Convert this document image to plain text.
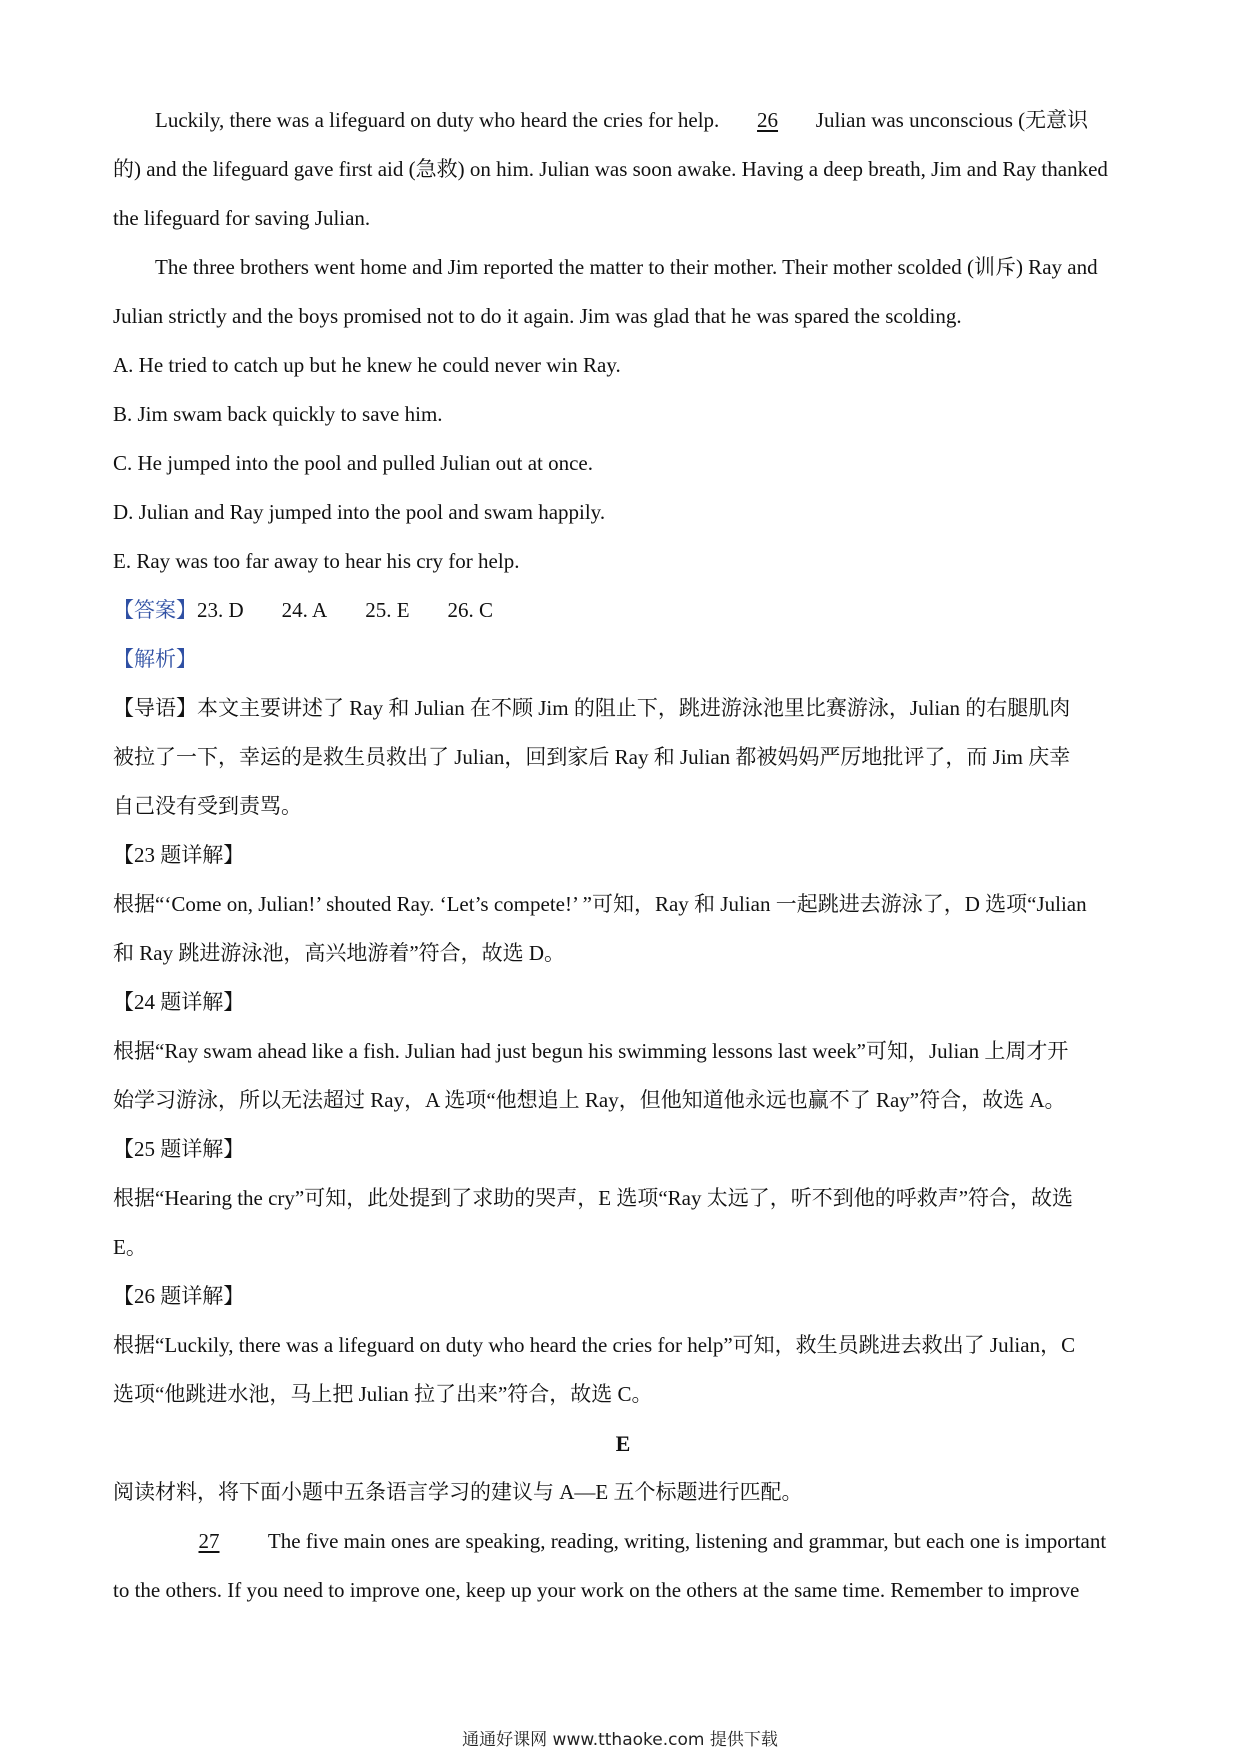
Luckily, there was a lifeguard on duty who heard the cries for help. 26 Julian was unconscious (无意识
的) and the lifeguard gave first aid (急救) on him. Julian was soon awake. Having a deep breath, Jim and Ray thanked
the lifeguard for saving Julian.
The three brothers went home and Jim reported the matter to their mother. Their mother scolded (训斥) Ray and
Julian strictly and the boys promised not to do it again. Jim was glad that he was spared the scolding.
A. He tried to catch up but he knew he could never win Ray.
B. Jim swam back quickly to save him.
C. He jumped into the pool and pulled Julian out at once.
D. Julian and Ray jumped into the pool and swam happily.
E. Ray was too far away to hear his cry for help.
【答案】23. D 24. A 25. E 26. C
【解析】
【导语】本文主要讲述了 Ray 和 Julian 在不顾 Jim 的阻止下，跳进游泳池里比赛游泳，Julian 的右腿肌肉
被拉了一下，幸运的是救生员救出了 Julian，回到家后 Ray 和 Julian 都被妈妈严厉地批评了，而 Jim 庆幸
自己没有受到责骂。
【23 题详解】
根据“‘Come on, Julian!’ shouted Ray. ‘Let’s compete!’ ”可知，Ray 和 Julian 一起跳进去游泳了，D 选项“Julian
和 Ray 跳进游泳池，高兴地游着”符合，故选 D。
【24 题详解】
根据“Ray swam ahead like a fish. Julian had just begun his swimming lessons last week”可知，Julian 上周才开
始学习游泳，所以无法超过 Ray，A 选项“他想追上 Ray，但他知道他永远也赢不了 Ray”符合，故选 A。
【25 题详解】
根据“Hearing the cry”可知，此处提到了求助的哭声，E 选项“Ray 太远了，听不到他的呼救声”符合，故选
E。
【26 题详解】
根据“Luckily, there was a lifeguard on duty who heard the cries for help”可知，救生员跳进去救出了 Julian，C
选项“他跳进水池，马上把 Julian 拉了出来”符合，故选 C。
E
阅读材料，将下面小题中五条语言学习的建议与 A—E 五个标题进行匹配。
27 The five main ones are speaking, reading, writing, listening and grammar, but each one is important
to the others. If you need to improve one, keep up your work on the others at the same time. Remember to improve
通通好课网 www.tthaoke.com 提供下载
